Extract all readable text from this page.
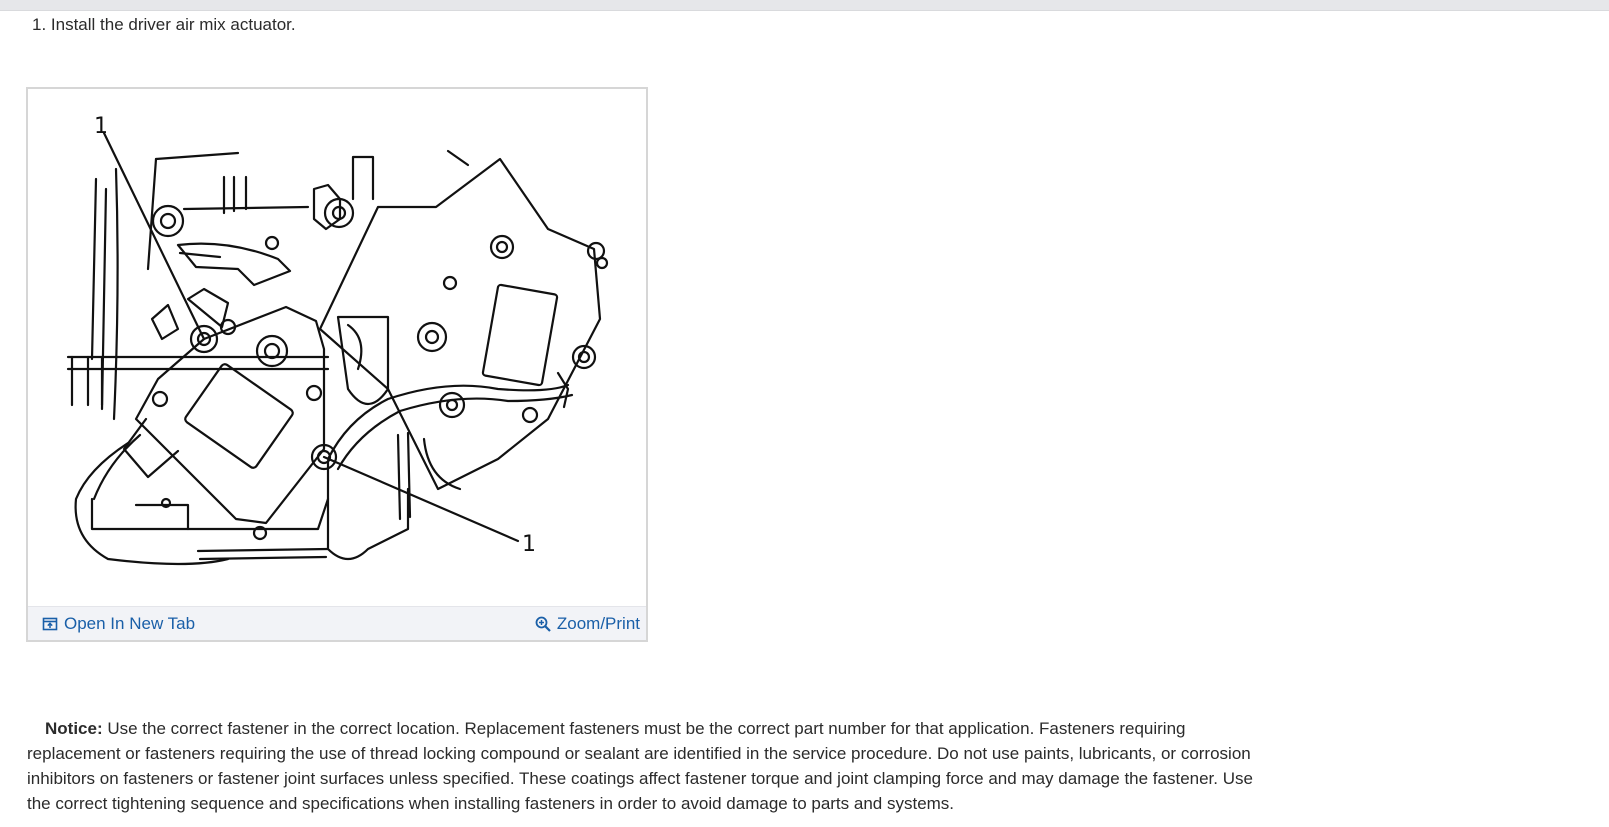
1. Install the driver air mix actuator.
1
1
Open In New Tab	Zoom/Print
Notice: Use the correct fastener in the correct location. Replacement fasteners must be the correct part number for that application. Fasteners requiring replacement or fasteners requiring the use of thread locking compound or sealant are identified in the service procedure. Do not use paints, lubricants, or corrosion inhibitors on fasteners or fastener joint surfaces unless specified. These coatings affect fastener torque and joint clamping force and may damage the fastener. Use the correct tightening sequence and specifications when installing fasteners in order to avoid damage to parts and systems.
